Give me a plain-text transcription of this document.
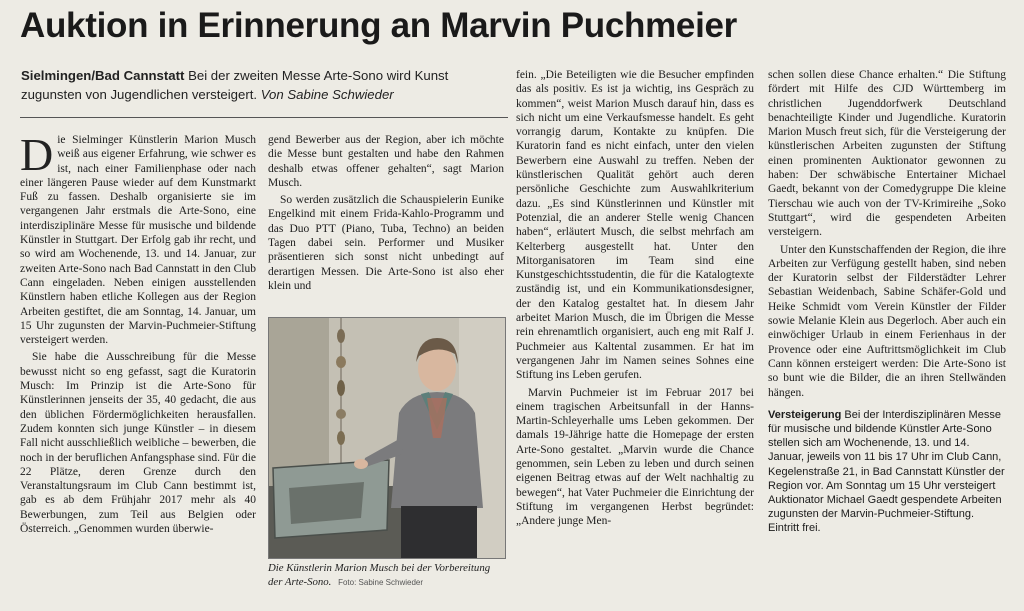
Auktion in Erinnerung an Marvin Puchmeier
Sielmingen/Bad Cannstatt Bei der zweiten Messe Arte-Sono wird Kunst zugunsten von Jugendlichen versteigert. Von Sabine Schwieder

Die Sielminger Künstlerin Marion Musch weiß aus eigener Erfahrung, wie schwer es ist, nach einer Familienphase oder nach einer längeren Pause wieder auf dem Kunstmarkt Fuß zu fassen. Deshalb organisierte sie im vergangenen Jahr erstmals die Arte-Sono, eine interdisziplinäre Messe für musische und bildende Künstler in Stuttgart. Der Erfolg gab ihr recht, und so wird am Wochenende, 13. und 14. Januar, zur zweiten Arte-Sono nach Bad Cannstatt in den Club Cann eingeladen. Neben einigen ausstellenden Künstlern haben etliche Kollegen aus der Region Arbeiten gestiftet, die am Sonntag, 14. Januar, um 15 Uhr zugunsten der Marvin-Puchmeier-Stiftung versteigert werden.

Sie habe die Ausschreibung für die Messe bewusst nicht so eng gefasst, sagt die Kuratorin Musch: Im Prinzip ist die Arte-Sono für Künstlerinnen jenseits der 35, 40 gedacht, die aus den üblichen Fördermöglichkeiten herausfallen. Zudem konnten sich junge Künstler – in diesem Fall nicht ausschließlich weibliche – bewerben, die noch in der beruflichen Anfangsphase sind. Für die 22 Plätze, deren Grenze durch den Veranstaltungsraum im Club Cann bestimmt ist, gab es ab dem Frühjahr 2017 mehr als 40 Bewerbungen, zum Teil aus Belgien oder Österreich. „Genommen wurden überwie-

gend Bewerber aus der Region, aber ich möchte die Messe bunt gestalten und habe den Rahmen deshalb etwas offener gehalten“, sagt Marion Musch.

So werden zusätzlich die Schauspielerin Eunike Engelkind mit einem Frida-Kahlo-Programm und das Duo PTT (Piano, Tuba, Techno) an beiden Tagen dabei sein. Performer und Musiker präsentieren sich sonst nicht unbedingt auf derartigen Messen. Die Arte-Sono ist also eher klein und

Die Künstlerin Marion Musch bei der Vorbereitung der Arte-Sono. Foto: Sabine Schwieder

fein. „Die Beteiligten wie die Besucher empfinden das als positiv. Es ist ja wichtig, ins Gespräch zu kommen“, weist Marion Musch darauf hin, dass es sich nicht um eine Verkaufsmesse handelt. Es geht vorrangig darum, Kontakte zu knüpfen. Die Kuratorin fand es nicht einfach, unter den vielen Bewerbern eine Auswahl zu treffen. Neben der künstlerischen Qualität gehört auch deren persönliche Geschichte zum Auswahlkriterium dazu. „Es sind Künstlerinnen und Künstler mit Potenzial, die an anderer Stelle wenig Chancen haben“, erläutert Musch, die selbst mehrfach am Kelterberg ausgestellt hat. Unter den Mitorganisatoren im Team sind eine Kunstgeschichtsstudentin, die für die Katalogtexte zuständig ist, und ein Kommunikationsdesigner, der den Katalog gestaltet hat. In diesem Jahr arbeitet Marion Musch, die im Übrigen die Messe rein ehrenamtlich organisiert, auch eng mit Ralf J. Puchmeier aus Kaltental zusammen. Er hat im vergangenen Jahr im Namen seines Sohnes eine Stiftung ins Leben gerufen.

Marvin Puchmeier ist im Februar 2017 bei einem tragischen Arbeitsunfall in der Hanns-Martin-Schleyerhalle ums Leben gekommen. Der damals 19-Jährige hatte die Homepage der ersten Arte-Sono gestaltet. „Marvin wurde die Chance genommen, sein Leben zu leben und durch seinen eigenen Beitrag etwas auf der Welt nachhaltig zu bewegen“, hat Vater Puchmeier die Einrichtung der Stiftung im vergangenen Herbst begründet: „Andere junge Men-

schen sollen diese Chance erhalten.“ Die Stiftung fördert mit Hilfe des CJD Württemberg im christlichen Jugenddorfwerk Deutschland benachteiligte Kinder und Jugendliche. Kuratorin Marion Musch freut sich, für die Versteigerung der künstlerischen Arbeiten zugunsten der Stiftung einen prominenten Auktionator gewonnen zu haben: Der schwäbische Entertainer Michael Gaedt, bekannt von der Comedygruppe Die kleine Tierschau wie auch von der TV-Krimireihe „Soko Stuttgart“, wird die gespendeten Arbeiten versteigern.

Unter den Kunstschaffenden der Region, die ihre Arbeiten zur Verfügung gestellt haben, sind neben der Kuratorin selbst der Filderstädter Lehrer Sebastian Weidenbach, Sabine Schäfer-Gold und Heike Schmidt vom Verein Künstler der Filder sowie Melanie Klein aus Degerloch. Aber auch ein einwöchiger Urlaub in einem Ferienhaus in der Provence oder eine Auftrittsmöglichkeit im Club Cann können ersteigert werden: Die Arte-Sono ist so bunt wie die Bilder, die an ihren Stellwänden hängen.

Versteigerung Bei der Interdisziplinären Messe für musische und bildende Künstler Arte-Sono stellen sich am Wochenende, 13. und 14. Januar, jeweils von 11 bis 17 Uhr im Club Cann, Kegelenstraße 21, in Bad Cannstatt Künstler der Region vor. Am Sonntag um 15 Uhr versteigert Auktionator Michael Gaedt gespendete Arbeiten zugunsten der Marvin-Puchmeier-Stiftung. Eintritt frei.
